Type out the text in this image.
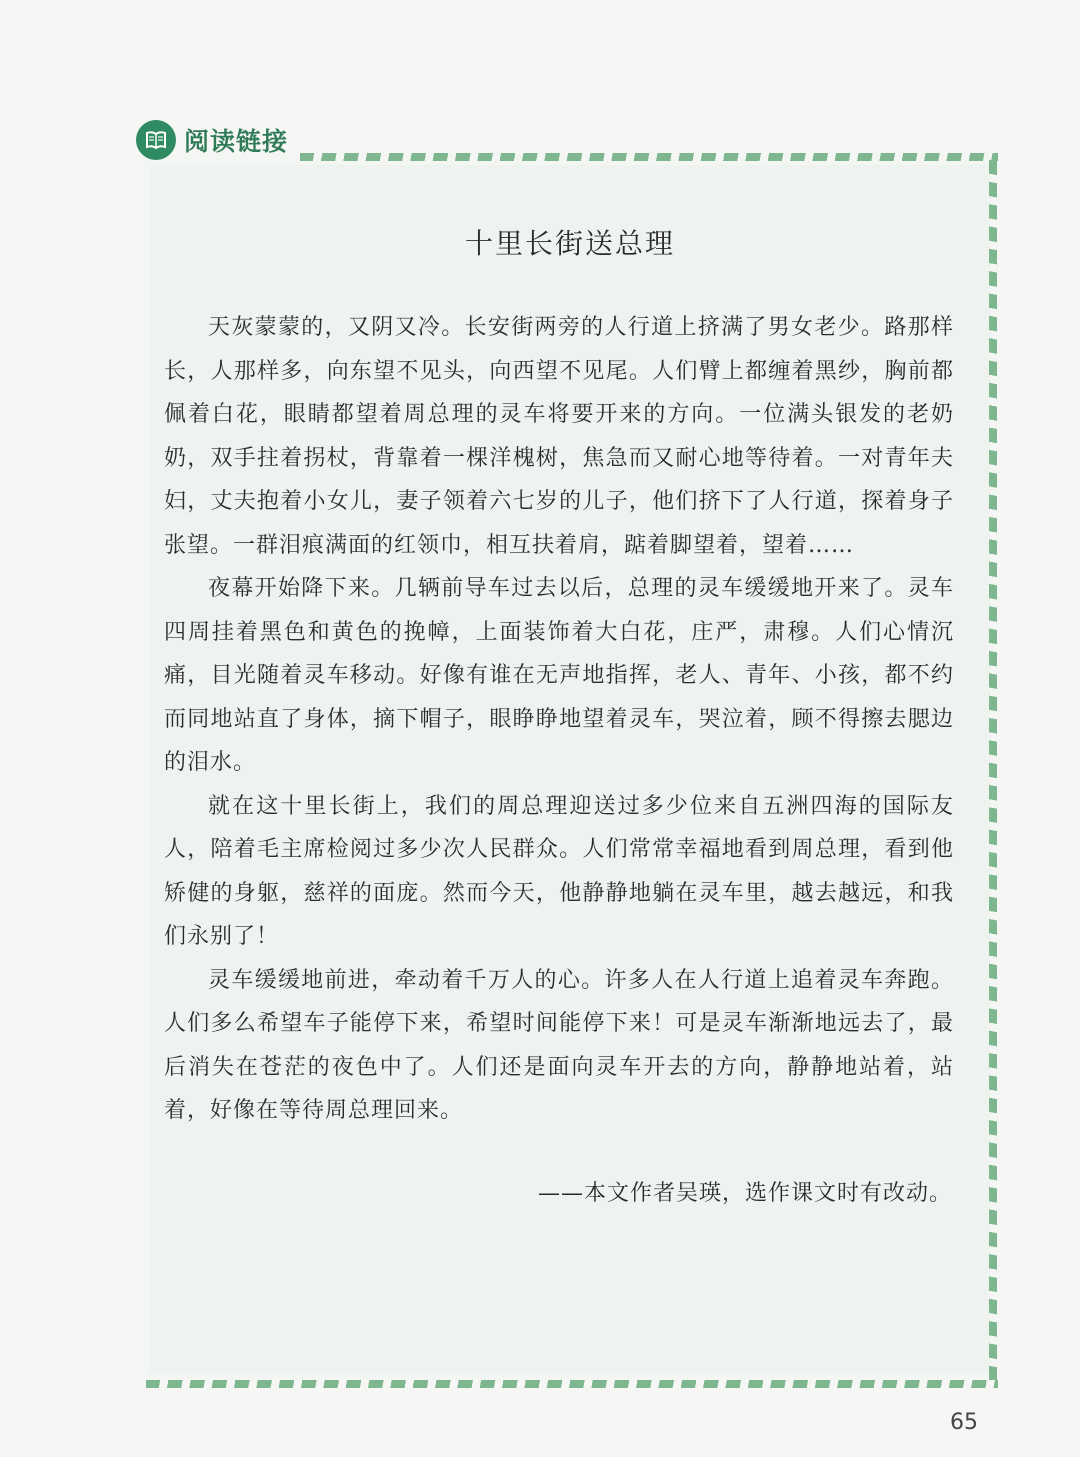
阅读链接
十里长街送总理

天灰蒙蒙的，又阴又冷。长安街两旁的人行道上挤满了男女老少。路那样长，人那样多，向东望不见头，向西望不见尾。人们臂上都缠着黑纱，胸前都佩着白花，眼睛都望着周总理的灵车将要开来的方向。一位满头银发的老奶奶，双手拄着拐杖，背靠着一棵洋槐树，焦急而又耐心地等待着。一对青年夫妇，丈夫抱着小女儿，妻子领着六七岁的儿子，他们挤下了人行道，探着身子张望。一群泪痕满面的红领巾，相互扶着肩，踮着脚望着，望着……

夜幕开始降下来。几辆前导车过去以后，总理的灵车缓缓地开来了。灵车四周挂着黑色和黄色的挽幛，上面装饰着大白花，庄严，肃穆。人们心情沉痛，目光随着灵车移动。好像有谁在无声地指挥，老人、青年、小孩，都不约而同地站直了身体，摘下帽子，眼睁睁地望着灵车，哭泣着，顾不得擦去腮边的泪水。

就在这十里长街上，我们的周总理迎送过多少位来自五洲四海的国际友人，陪着毛主席检阅过多少次人民群众。人们常常幸福地看到周总理，看到他矫健的身躯，慈祥的面庞。然而今天，他静静地躺在灵车里，越去越远，和我们永别了！

灵车缓缓地前进，牵动着千万人的心。许多人在人行道上追着灵车奔跑。人们多么希望车子能停下来，希望时间能停下来！可是灵车渐渐地远去了，最后消失在苍茫的夜色中了。人们还是面向灵车开去的方向，静静地站着，站着，好像在等待周总理回来。

——本文作者吴瑛，选作课文时有改动。
65
